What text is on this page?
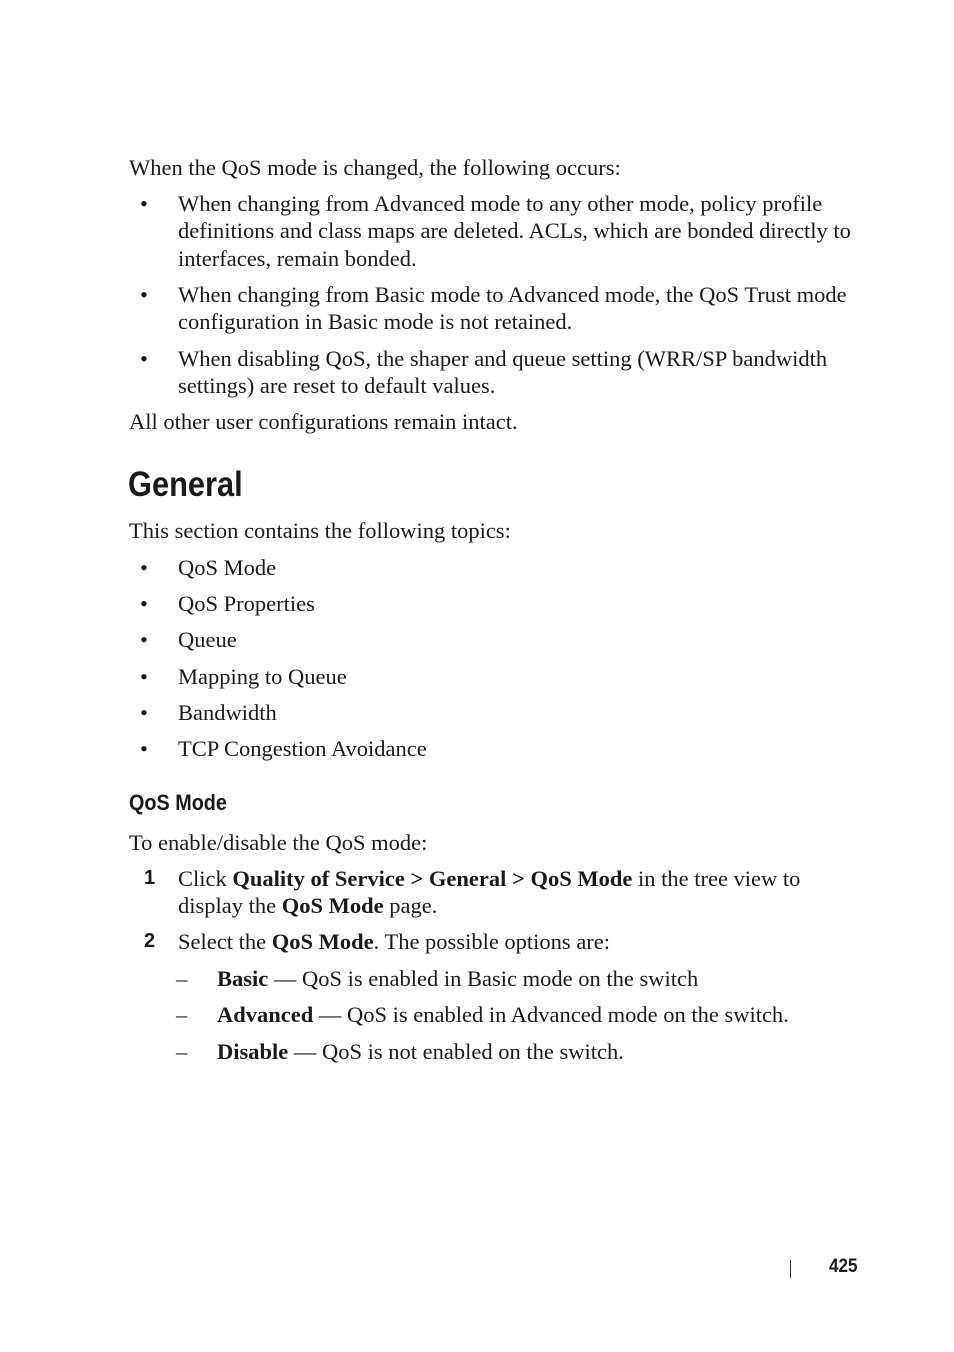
When the QoS mode is changed, the following occurs:

• When changing from Advanced mode to any other mode, policy profile definitions and class maps are deleted. ACLs, which are bonded directly to interfaces, remain bonded.
• When changing from Basic mode to Advanced mode, the QoS Trust mode configuration in Basic mode is not retained.
• When disabling QoS, the shaper and queue setting (WRR/SP bandwidth settings) are reset to default values.

All other user configurations remain intact.

General

This section contains the following topics:

• QoS Mode
• QoS Properties
• Queue
• Mapping to Queue
• Bandwidth
• TCP Congestion Avoidance
QoS Mode

To enable/disable the QoS mode:

1 Click Quality of Service > General > QoS Mode in the tree view to display the QoS Mode page.
2 Select the QoS Mode. The possible options are:
– Basic — QoS is enabled in Basic mode on the switch
– Advanced — QoS is enabled in Advanced mode on the switch.
– Disable — QoS is not enabled on the switch.
425
